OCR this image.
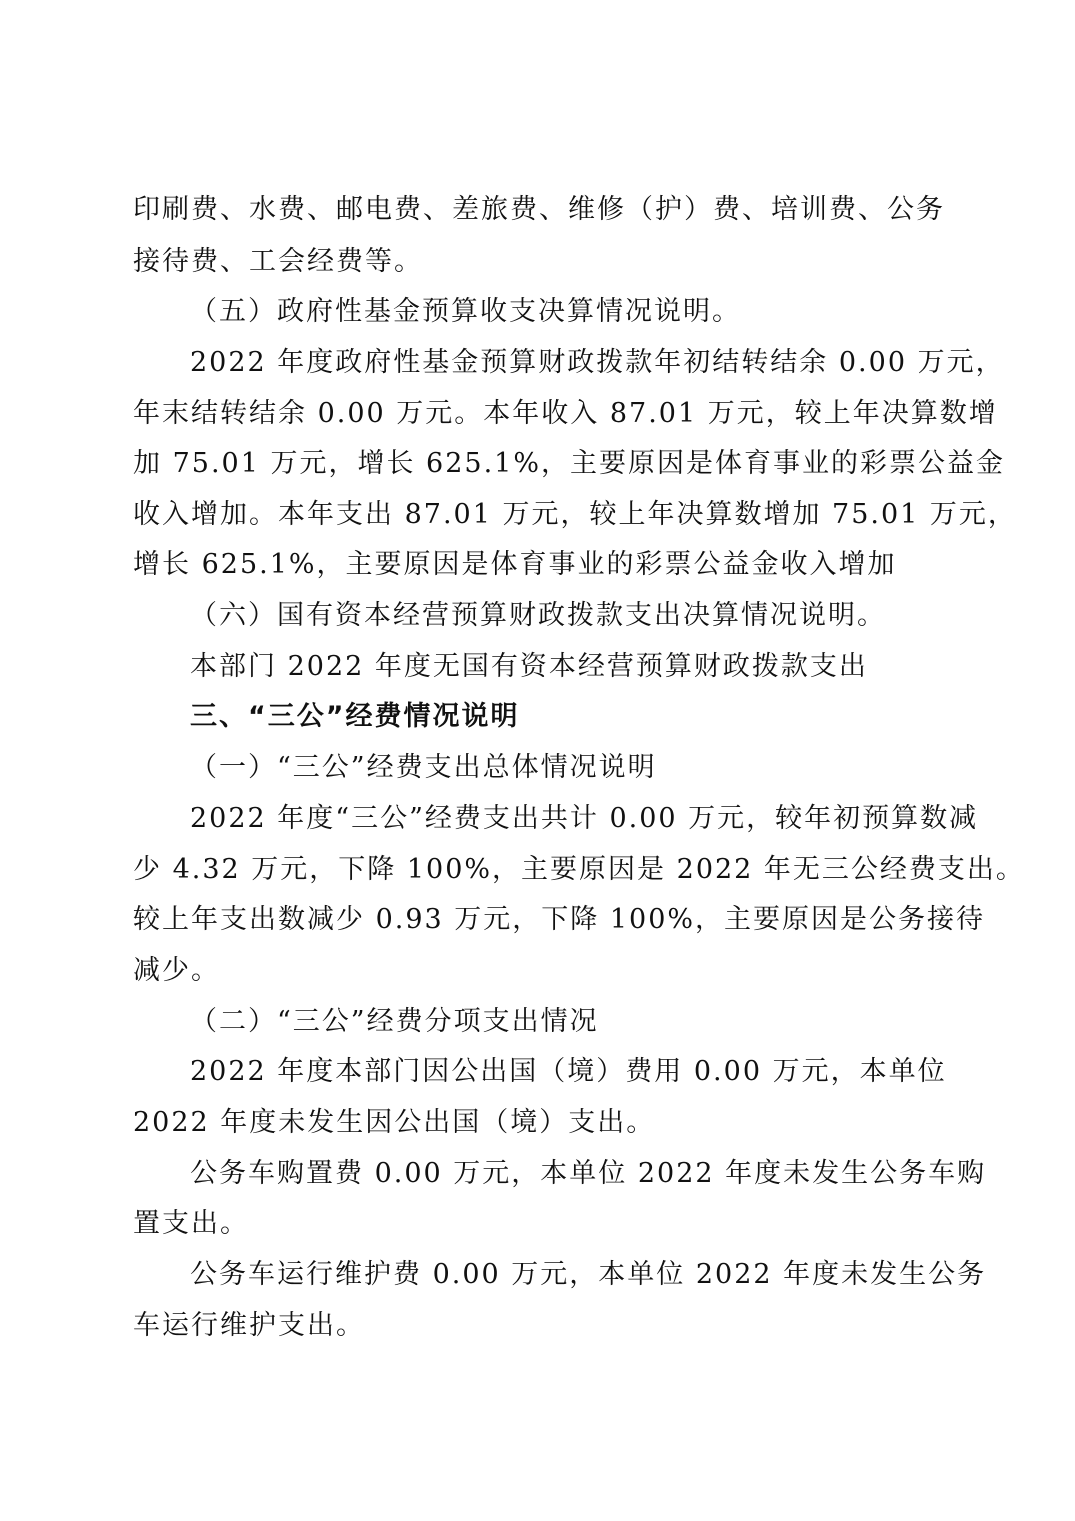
印刷费、水费、邮电费、差旅费、维修（护）费、培训费、公务
接待费、工会经费等。
（五）政府性基金预算收支决算情况说明。
2022 年度政府性基金预算财政拨款年初结转结余 0.00 万元，
年末结转结余 0.00 万元。本年收入 87.01 万元，较上年决算数增
加 75.01 万元，增长 625.1%，主要原因是体育事业的彩票公益金
收入增加。本年支出 87.01 万元，较上年决算数增加 75.01 万元，
增长 625.1%，主要原因是体育事业的彩票公益金收入增加
（六）国有资本经营预算财政拨款支出决算情况说明。
本部门 2022 年度无国有资本经营预算财政拨款支出
三、“三公”经费情况说明
（一）“三公”经费支出总体情况说明
2022 年度“三公”经费支出共计 0.00 万元，较年初预算数减
少 4.32 万元，下降 100%，主要原因是 2022 年无三公经费支出。
较上年支出数减少 0.93 万元，下降 100%，主要原因是公务接待
减少。
（二）“三公”经费分项支出情况
2022 年度本部门因公出国（境）费用 0.00 万元，本单位
2022 年度未发生因公出国（境）支出。
公务车购置费 0.00 万元，本单位 2022 年度未发生公务车购
置支出。
公务车运行维护费 0.00 万元，本单位 2022 年度未发生公务
车运行维护支出。
